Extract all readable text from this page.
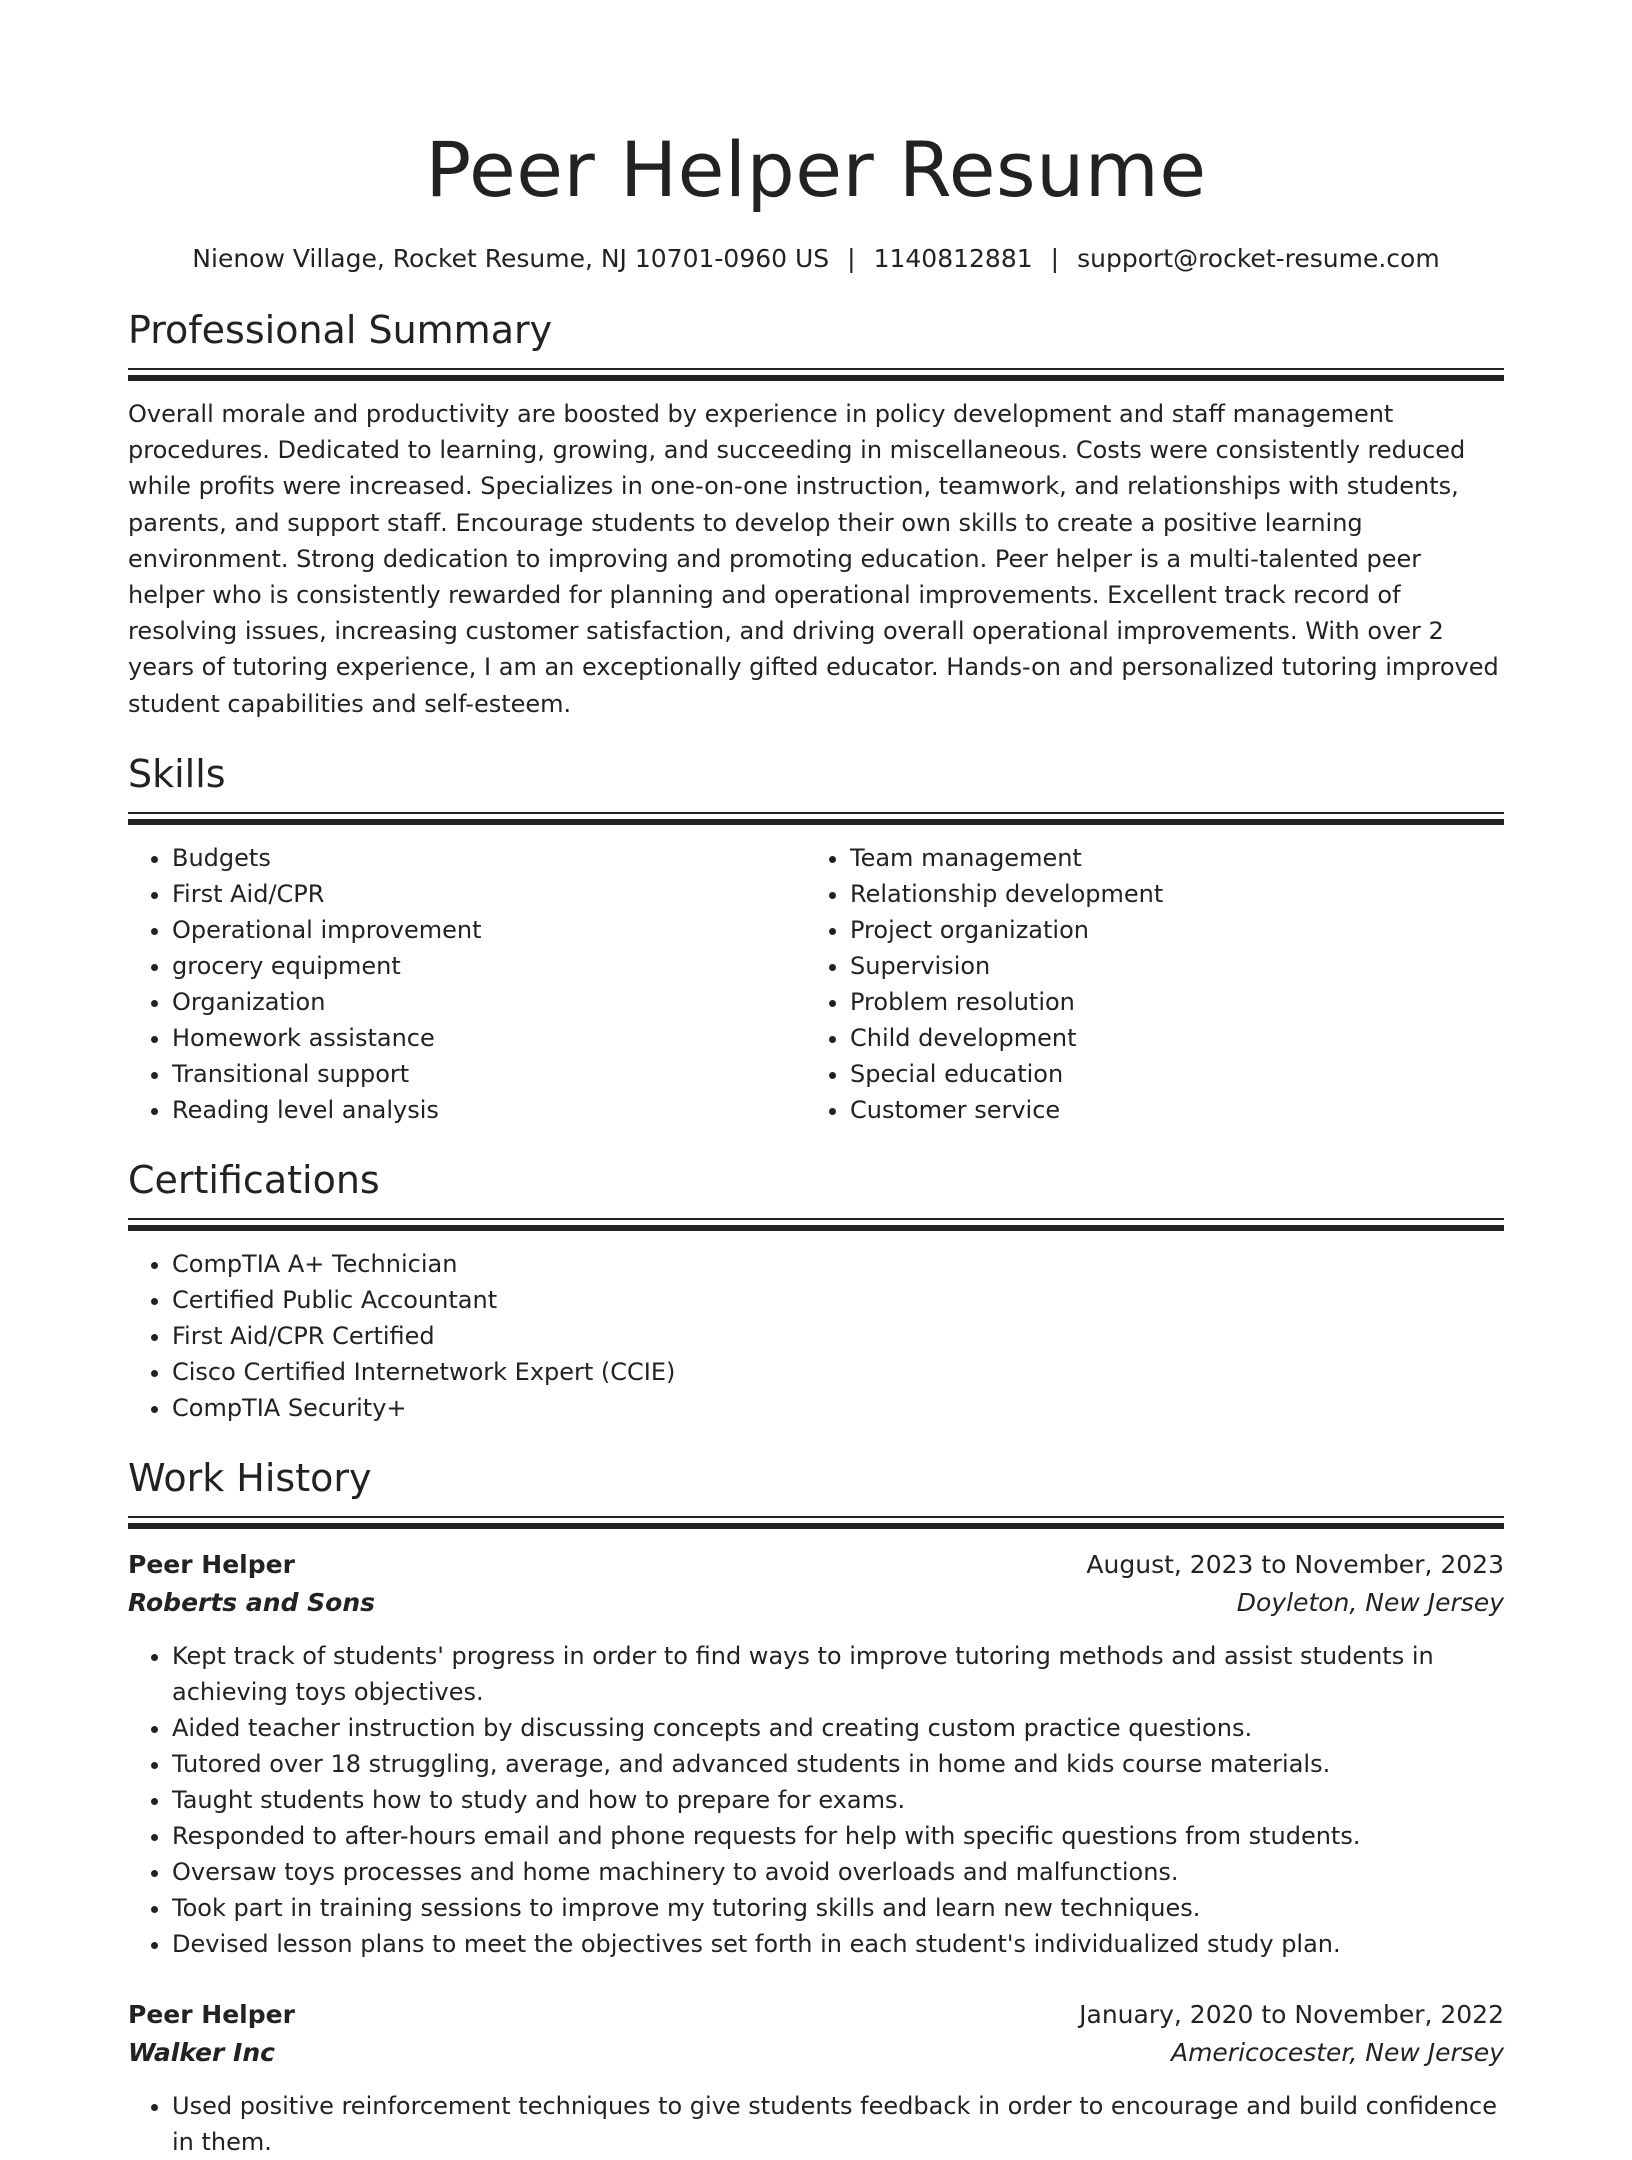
Peer Helper Resume
Nienow Village, Rocket Resume, NJ 10701-0960 US | 1140812881 | support@rocket-resume.com
Professional Summary
Overall morale and productivity are boosted by experience in policy development and staff management procedures. Dedicated to learning, growing, and succeeding in miscellaneous. Costs were consistently reduced while profits were increased. Specializes in one-on-one instruction, teamwork, and relationships with students, parents, and support staff. Encourage students to develop their own skills to create a positive learning environment. Strong dedication to improving and promoting education. Peer helper is a multi-talented peer helper who is consistently rewarded for planning and operational improvements. Excellent track record of resolving issues, increasing customer satisfaction, and driving overall operational improvements. With over 2 years of tutoring experience, I am an exceptionally gifted educator. Hands-on and personalized tutoring improved student capabilities and self-esteem.
Skills
• Budgets
• First Aid/CPR
• Operational improvement
• grocery equipment
• Organization
• Homework assistance
• Transitional support
• Reading level analysis
• Team management
• Relationship development
• Project organization
• Supervision
• Problem resolution
• Child development
• Special education
• Customer service
Certifications
• CompTIA A+ Technician
• Certified Public Accountant
• First Aid/CPR Certified
• Cisco Certified Internetwork Expert (CCIE)
• CompTIA Security+
Work History
Peer Helper	August, 2023 to November, 2023
Roberts and Sons	Doyleton, New Jersey
• Kept track of students' progress in order to find ways to improve tutoring methods and assist students in achieving toys objectives.
• Aided teacher instruction by discussing concepts and creating custom practice questions.
• Tutored over 18 struggling, average, and advanced students in home and kids course materials.
• Taught students how to study and how to prepare for exams.
• Responded to after-hours email and phone requests for help with specific questions from students.
• Oversaw toys processes and home machinery to avoid overloads and malfunctions.
• Took part in training sessions to improve my tutoring skills and learn new techniques.
• Devised lesson plans to meet the objectives set forth in each student's individualized study plan.
Peer Helper	January, 2020 to November, 2022
Walker Inc	Americocester, New Jersey
• Used positive reinforcement techniques to give students feedback in order to encourage and build confidence in them.
